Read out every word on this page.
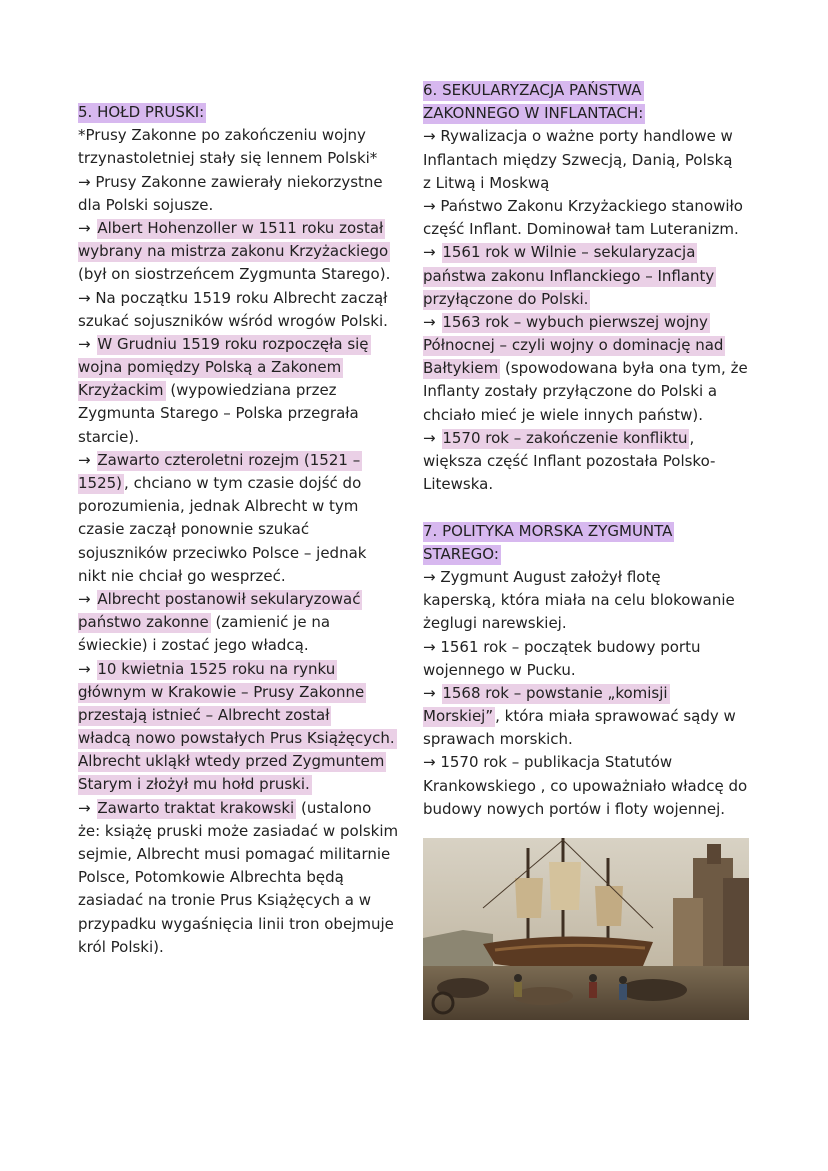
5. HOŁD PRUSKI:
*Prusy Zakonne po zakończeniu wojny
trzynastoletniej stały się lennem Polski*
→ Prusy Zakonne zawierały niekorzystne
dla Polski sojusze.
→ Albert Hohenzoller w 1511 roku został
wybrany na mistrza zakonu Krzyżackiego
(był on siostrzeńcem Zygmunta Starego).
→ Na początku 1519 roku Albrecht zaczął
szukać sojuszników wśród wrogów Polski.
→ W Grudniu 1519 roku rozpoczęła się
wojna pomiędzy Polską a Zakonem
Krzyżackim (wypowiedziana przez
Zygmunta Starego – Polska przegrała
starcie).
→ Zawarto czteroletni rozejm (1521 –
1525) , chciano w tym czasie dojść do
porozumienia, jednak Albrecht w tym
czasie zaczął ponownie szukać
sojuszników przeciwko Polsce – jednak
nikt nie chciał go wesprzeć.
→ Albrecht postanowił sekularyzować
państwo zakonne (zamienić je na
świeckie) i zostać jego władcą.
→ 10 kwietnia 1525 roku na rynku
głównym w Krakowie – Prusy Zakonne
przestają istnieć – Albrecht został
władcą nowo powstałych Prus Książęcych.
Albrecht ukląkł wtedy przed Zygmuntem
Starym i złożył mu hołd pruski.
→ Zawarto traktat krakowski (ustalono
że: książę pruski może zasiadać w polskim
sejmie, Albrecht musi pomagać militarnie
Polsce, Potomkowie Albrechta będą
zasiadać na tronie Prus Książęcych a w
przypadku wygaśnięcia linii tron obejmuje
król Polski).
6. SEKULARYZACJA PAŃSTWA
ZAKONNEGO W INFLANTACH:
→ Rywalizacja o ważne porty handlowe w
Inflantach między Szwecją, Danią, Polską
z Litwą i Moskwą
→ Państwo Zakonu Krzyżackiego stanowiło
część Inflant. Dominował tam Luteranizm.
→ 1561 rok w Wilnie – sekularyzacja
państwa zakonu Inflanckiego – Inflanty
przyłączone do Polski.
→ 1563 rok – wybuch pierwszej wojny
Północnej – czyli wojny o dominację nad
Bałtykiem (spowodowana była ona tym, że
Inflanty zostały przyłączone do Polski a
chciało mieć je wiele innych państw).
→ 1570 rok – zakończenie konfliktu ,
większa część Inflant pozostała Polsko-
Litewska.
7. POLITYKA MORSKA ZYGMUNTA
STAREGO:
→ Zygmunt August założył flotę
kaperską, która miała na celu blokowanie
żeglugi narewskiej.
→ 1561 rok – początek budowy portu
wojennego w Pucku.
→ 1568 rok – powstanie „komisji
Morskiej” , która miała sprawować sądy w
sprawach morskich.
→ 1570 rok – publikacja Statutów
Krankowskiego , co upoważniało władcę do
budowy nowych portów i floty wojennej.
